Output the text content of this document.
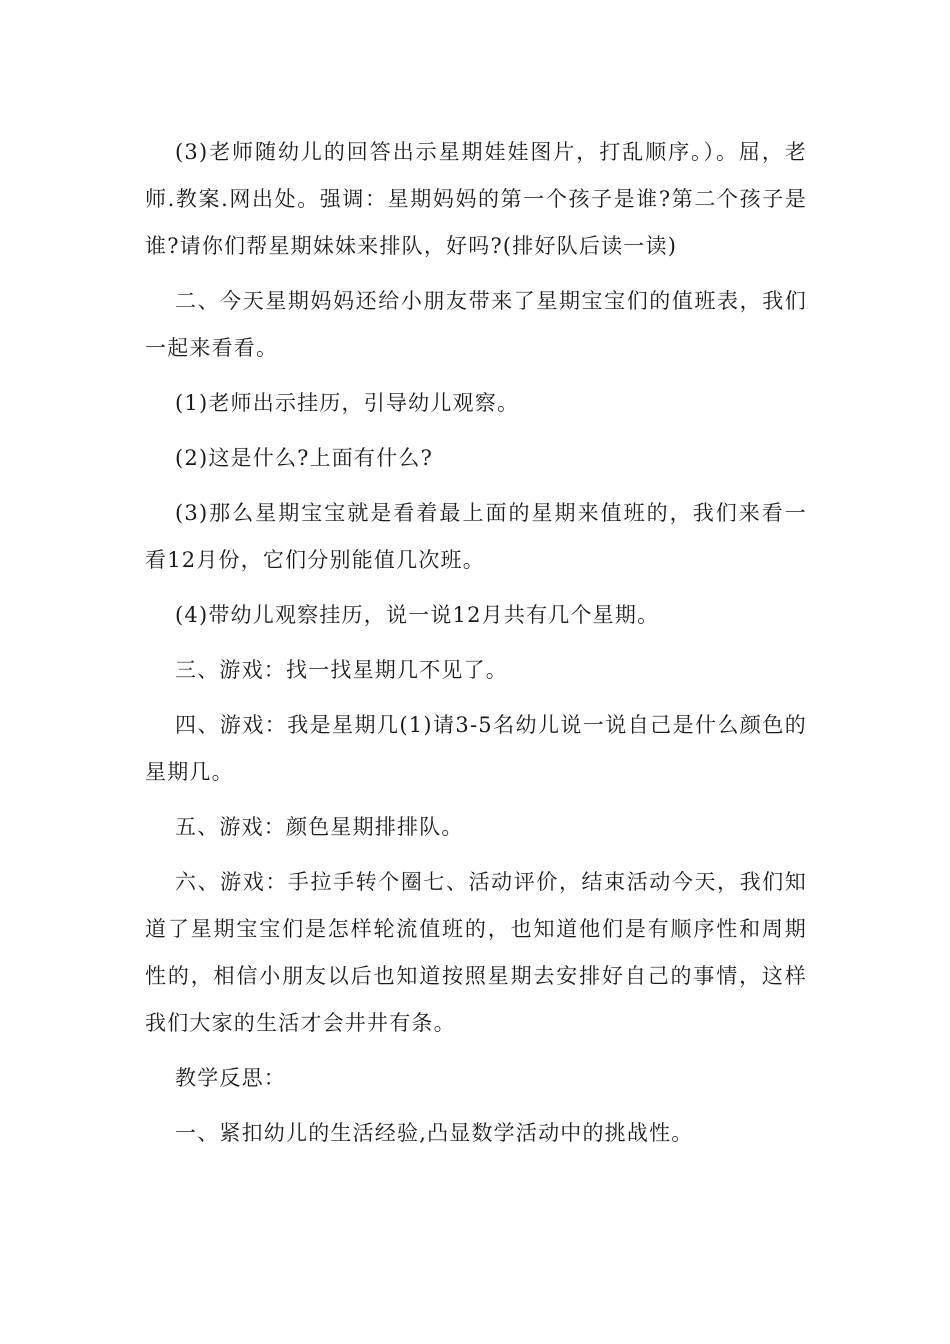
(3)老师随幼儿的回答出示星期娃娃图片，打乱顺序。）。屈，老师.教案.网出处。强调：星期妈妈的第一个孩子是谁?第二个孩子是谁?请你们帮星期妹妹来排队，好吗?(排好队后读一读)

二、今天星期妈妈还给小朋友带来了星期宝宝们的值班表，我们一起来看看。

(1)老师出示挂历，引导幼儿观察。

(2)这是什么?上面有什么?

(3)那么星期宝宝就是看着最上面的星期来值班的，我们来看一看12月份，它们分别能值几次班。

(4)带幼儿观察挂历，说一说12月共有几个星期。

三、游戏：找一找星期几不见了。

四、游戏：我是星期几(1)请3-5名幼儿说一说自己是什么颜色的星期几。

五、游戏：颜色星期排排队。

六、游戏：手拉手转个圈七、活动评价，结束活动今天，我们知道了星期宝宝们是怎样轮流值班的，也知道他们是有顺序性和周期性的，相信小朋友以后也知道按照星期去安排好自己的事情，这样我们大家的生活才会井井有条。

教学反思：

一、紧扣幼儿的生活经验,凸显数学活动中的挑战性。
